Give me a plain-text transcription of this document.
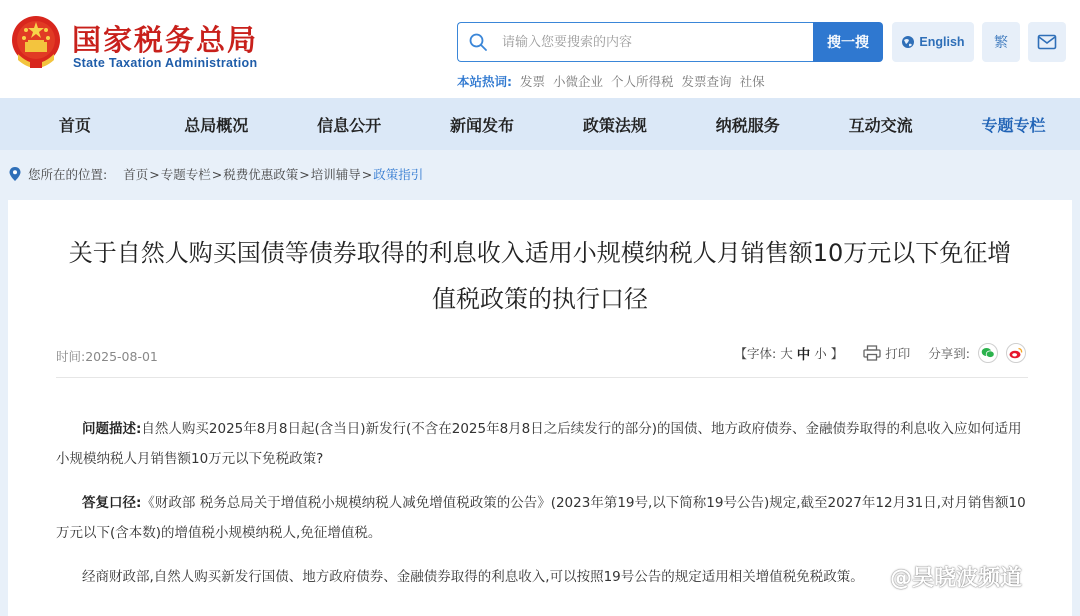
国家税务总局
State Taxation Administration
请输入您要搜索的内容
搜一搜	English	繁
本站热词: 发票 小微企业 个人所得税 发票查询 社保
首页	总局概况	信息公开	新闻发布	政策法规	纳税服务	互动交流	专题专栏
您所在的位置: 首页 > 专题专栏 > 税费优惠政策 > 培训辅导 > 政策指引
关于自然人购买国债等债券取得的利息收入适用小规模纳税人月销售额10万元以下免征增
值税政策的执行口径
时间:2025-08-01	【字体: 大 中 小 】	打印 分享到:
问题描述:自然人购买2025年8月8日起(含当日)新发行(不含在2025年8月8日之后续发行的部分)的国债、地方政府债券、金融债券取得的利息收入应如何适用小规模纳税人月销售额10万元以下免税政策?
答复口径:《财政部 税务总局关于增值税小规模纳税人减免增值税政策的公告》(2023年第19号,以下简称19号公告)规定,截至2027年12月31日,对月销售额10万元以下(含本数)的增值税小规模纳税人,免征增值税。
经商财政部,自然人购买新发行国债、地方政府债券、金融债券取得的利息收入,可以按照19号公告的规定适用相关增值税免税政策。	@吴晓波频道
